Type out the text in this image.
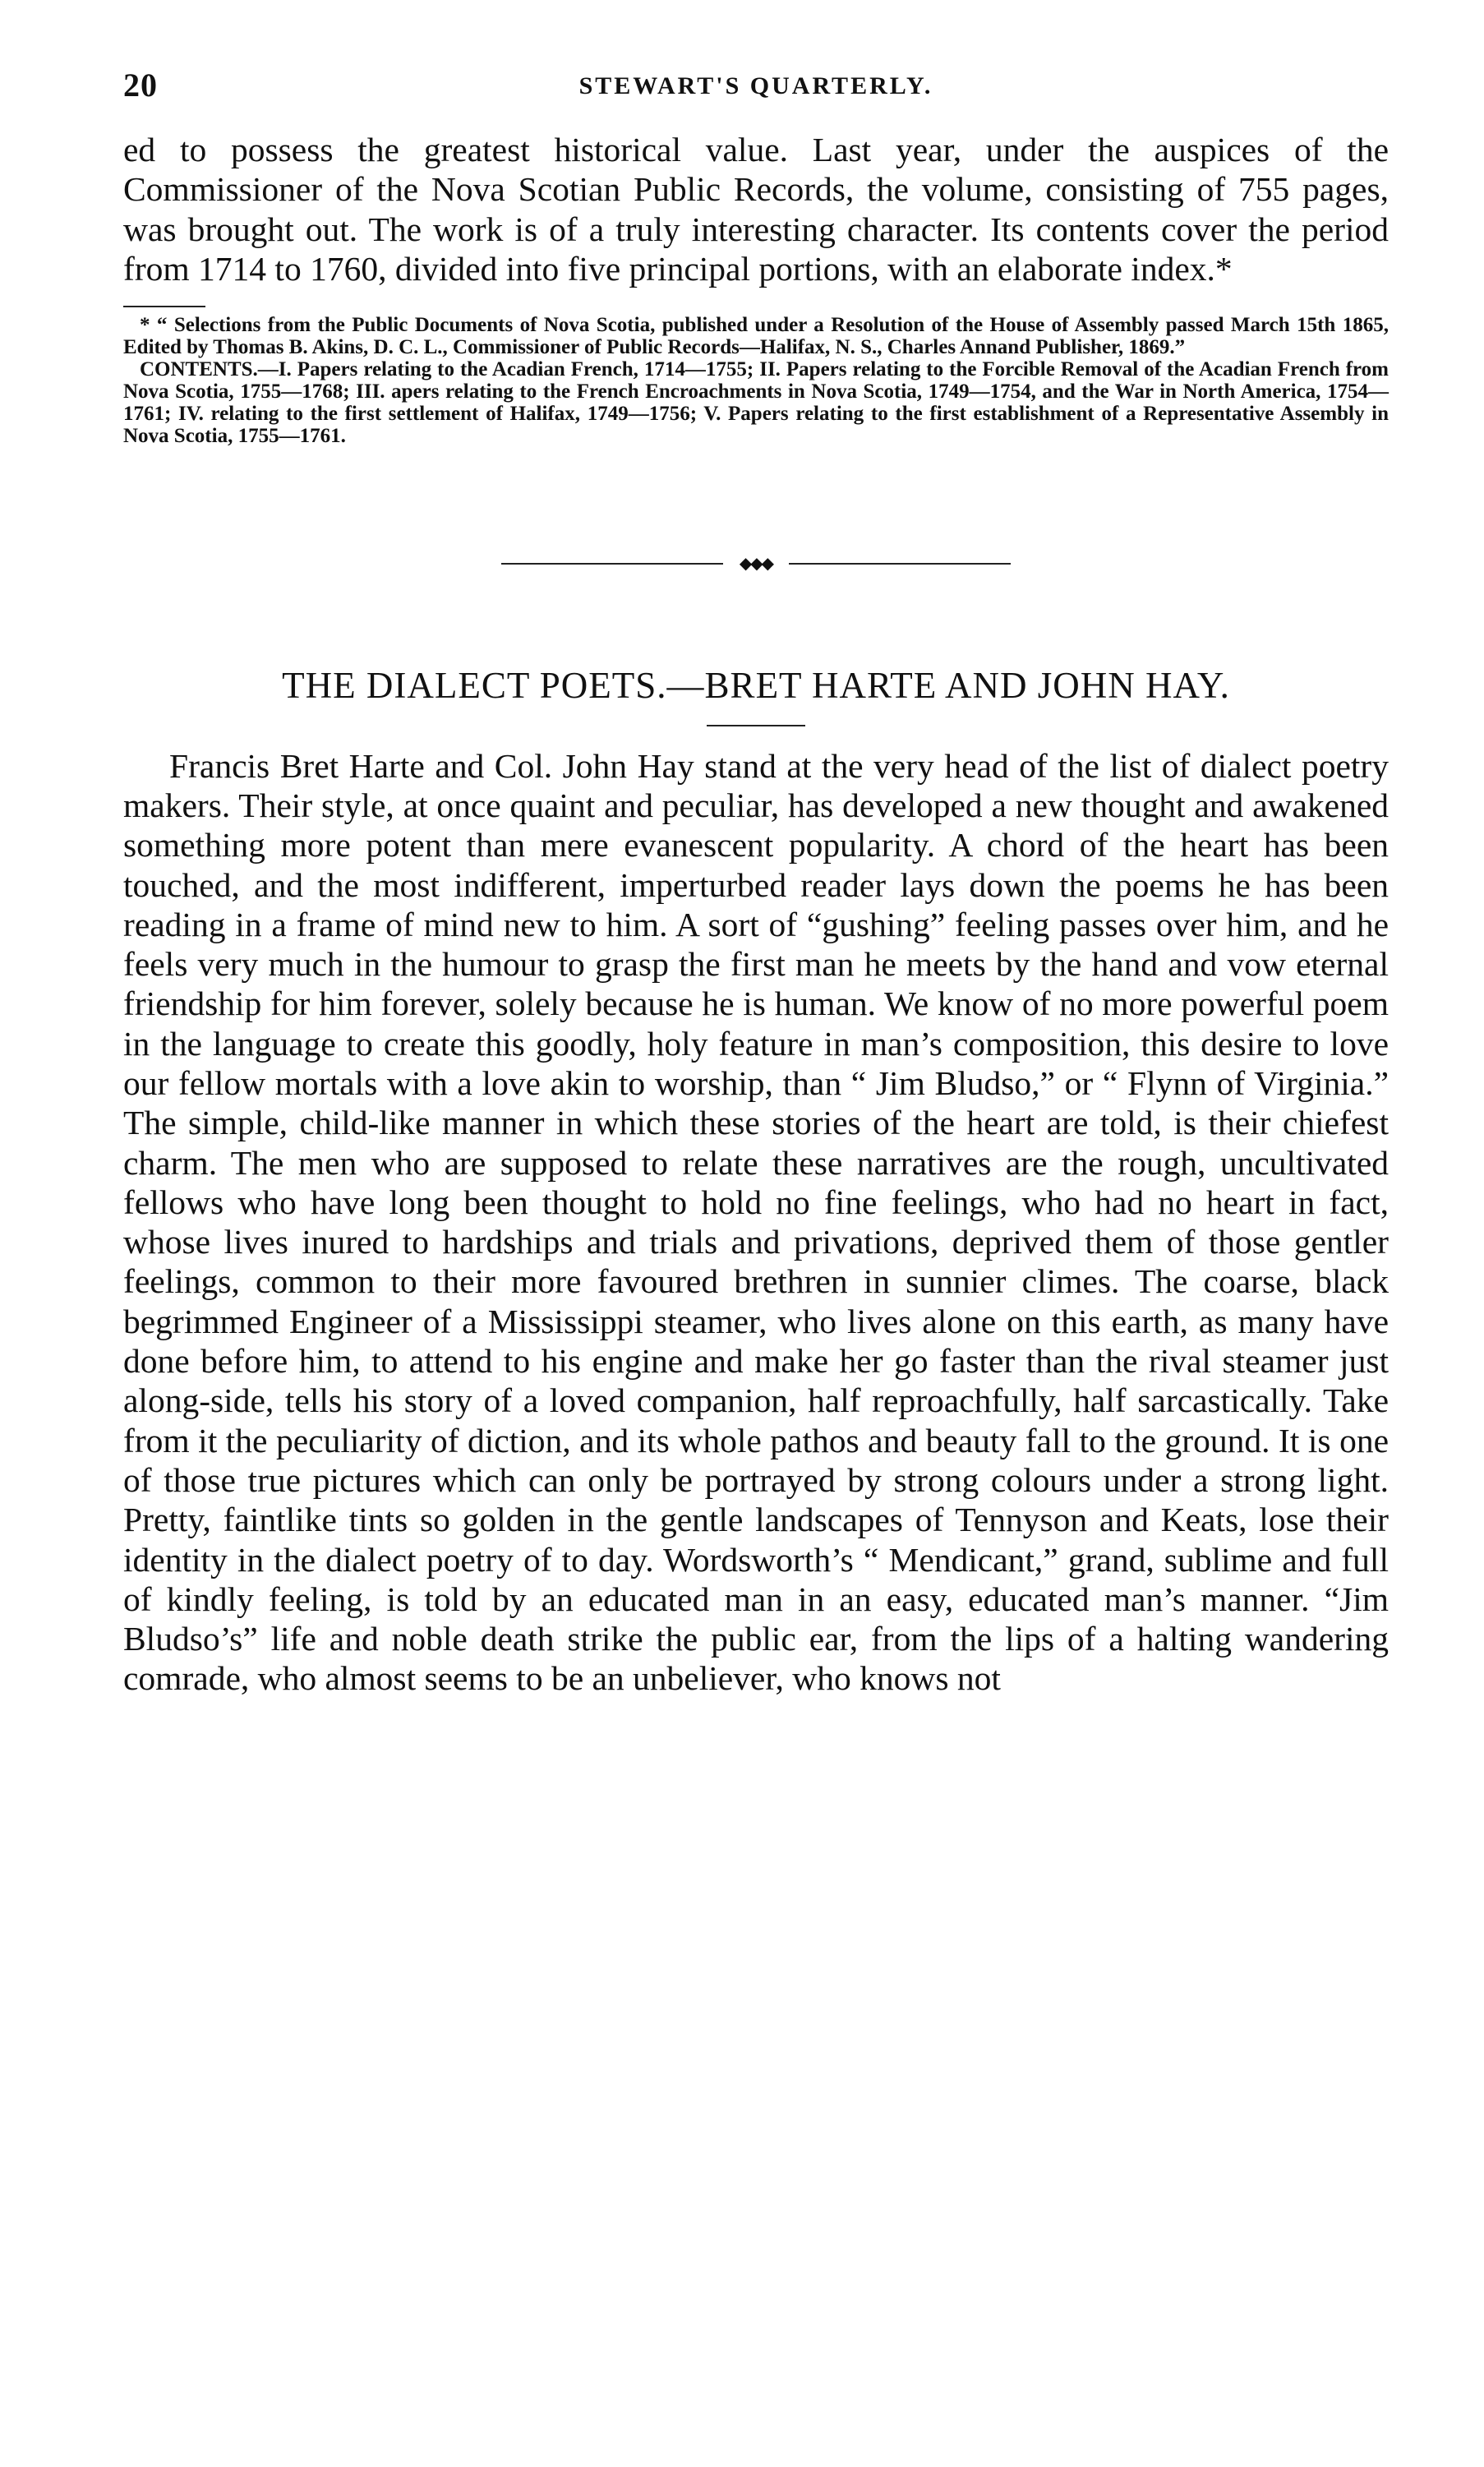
20	STEWART'S QUARTERLY.

ed to possess the greatest historical value. Last year, under the auspices of the Commissioner of the Nova Scotian Public Records, the volume, consisting of 755 pages, was brought out. The work is of a truly interesting character. Its contents cover the period from 1714 to 1760, divided into five principal portions, with an elaborate index.*

* “ Selections from the Public Documents of Nova Scotia, published under a Resolution of the House of Assembly passed March 15th 1865, Edited by Thomas B. Akins, D. C. L., Commissioner of Public Records—Halifax, N. S., Charles Annand Publisher, 1869.”

CONTENTS.—I. Papers relating to the Acadian French, 1714—1755; II. Papers relating to the Forcible Removal of the Acadian French from Nova Scotia, 1755—1768; III. apers relating to the French Encroachments in Nova Scotia, 1749—1754, and the War in North America, 1754—1761; IV. relating to the first settlement of Halifax, 1749—1756; V. Papers relating to the first establishment of a Representative Assembly in Nova Scotia, 1755—1761.

◆◆◆
THE DIALECT POETS.—BRET HARTE AND JOHN HAY.

Francis Bret Harte and Col. John Hay stand at the very head of the list of dialect poetry makers. Their style, at once quaint and peculiar, has developed a new thought and awakened something more potent than mere evanescent popularity. A chord of the heart has been touched, and the most indifferent, imperturbed reader lays down the poems he has been reading in a frame of mind new to him. A sort of “gushing” feeling passes over him, and he feels very much in the humour to grasp the first man he meets by the hand and vow eternal friendship for him forever, solely because he is human. We know of no more powerful poem in the language to create this goodly, holy feature in man’s composition, this desire to love our fellow mortals with a love akin to worship, than “ Jim Bludso,” or “ Flynn of Virginia.” The simple, child-like manner in which these stories of the heart are told, is their chiefest charm. The men who are supposed to relate these narratives are the rough, uncultivated fellows who have long been thought to hold no fine feelings, who had no heart in fact, whose lives inured to hardships and trials and privations, deprived them of those gentler feelings, common to their more favoured brethren in sunnier climes. The coarse, black begrimmed Engineer of a Mississippi steamer, who lives alone on this earth, as many have done before him, to attend to his engine and make her go faster than the rival steamer just along-side, tells his story of a loved companion, half reproachfully, half sarcastically. Take from it the peculiarity of diction, and its whole pathos and beauty fall to the ground. It is one of those true pictures which can only be portrayed by strong colours under a strong light. Pretty, faintlike tints so golden in the gentle landscapes of Tennyson and Keats, lose their identity in the dialect poetry of to day. Wordsworth’s “ Mendicant,” grand, sublime and full of kindly feeling, is told by an educated man in an easy, educated man’s manner. “Jim Bludso’s” life and noble death strike the public ear, from the lips of a halting wandering comrade, who almost seems to be an unbeliever, who knows not
